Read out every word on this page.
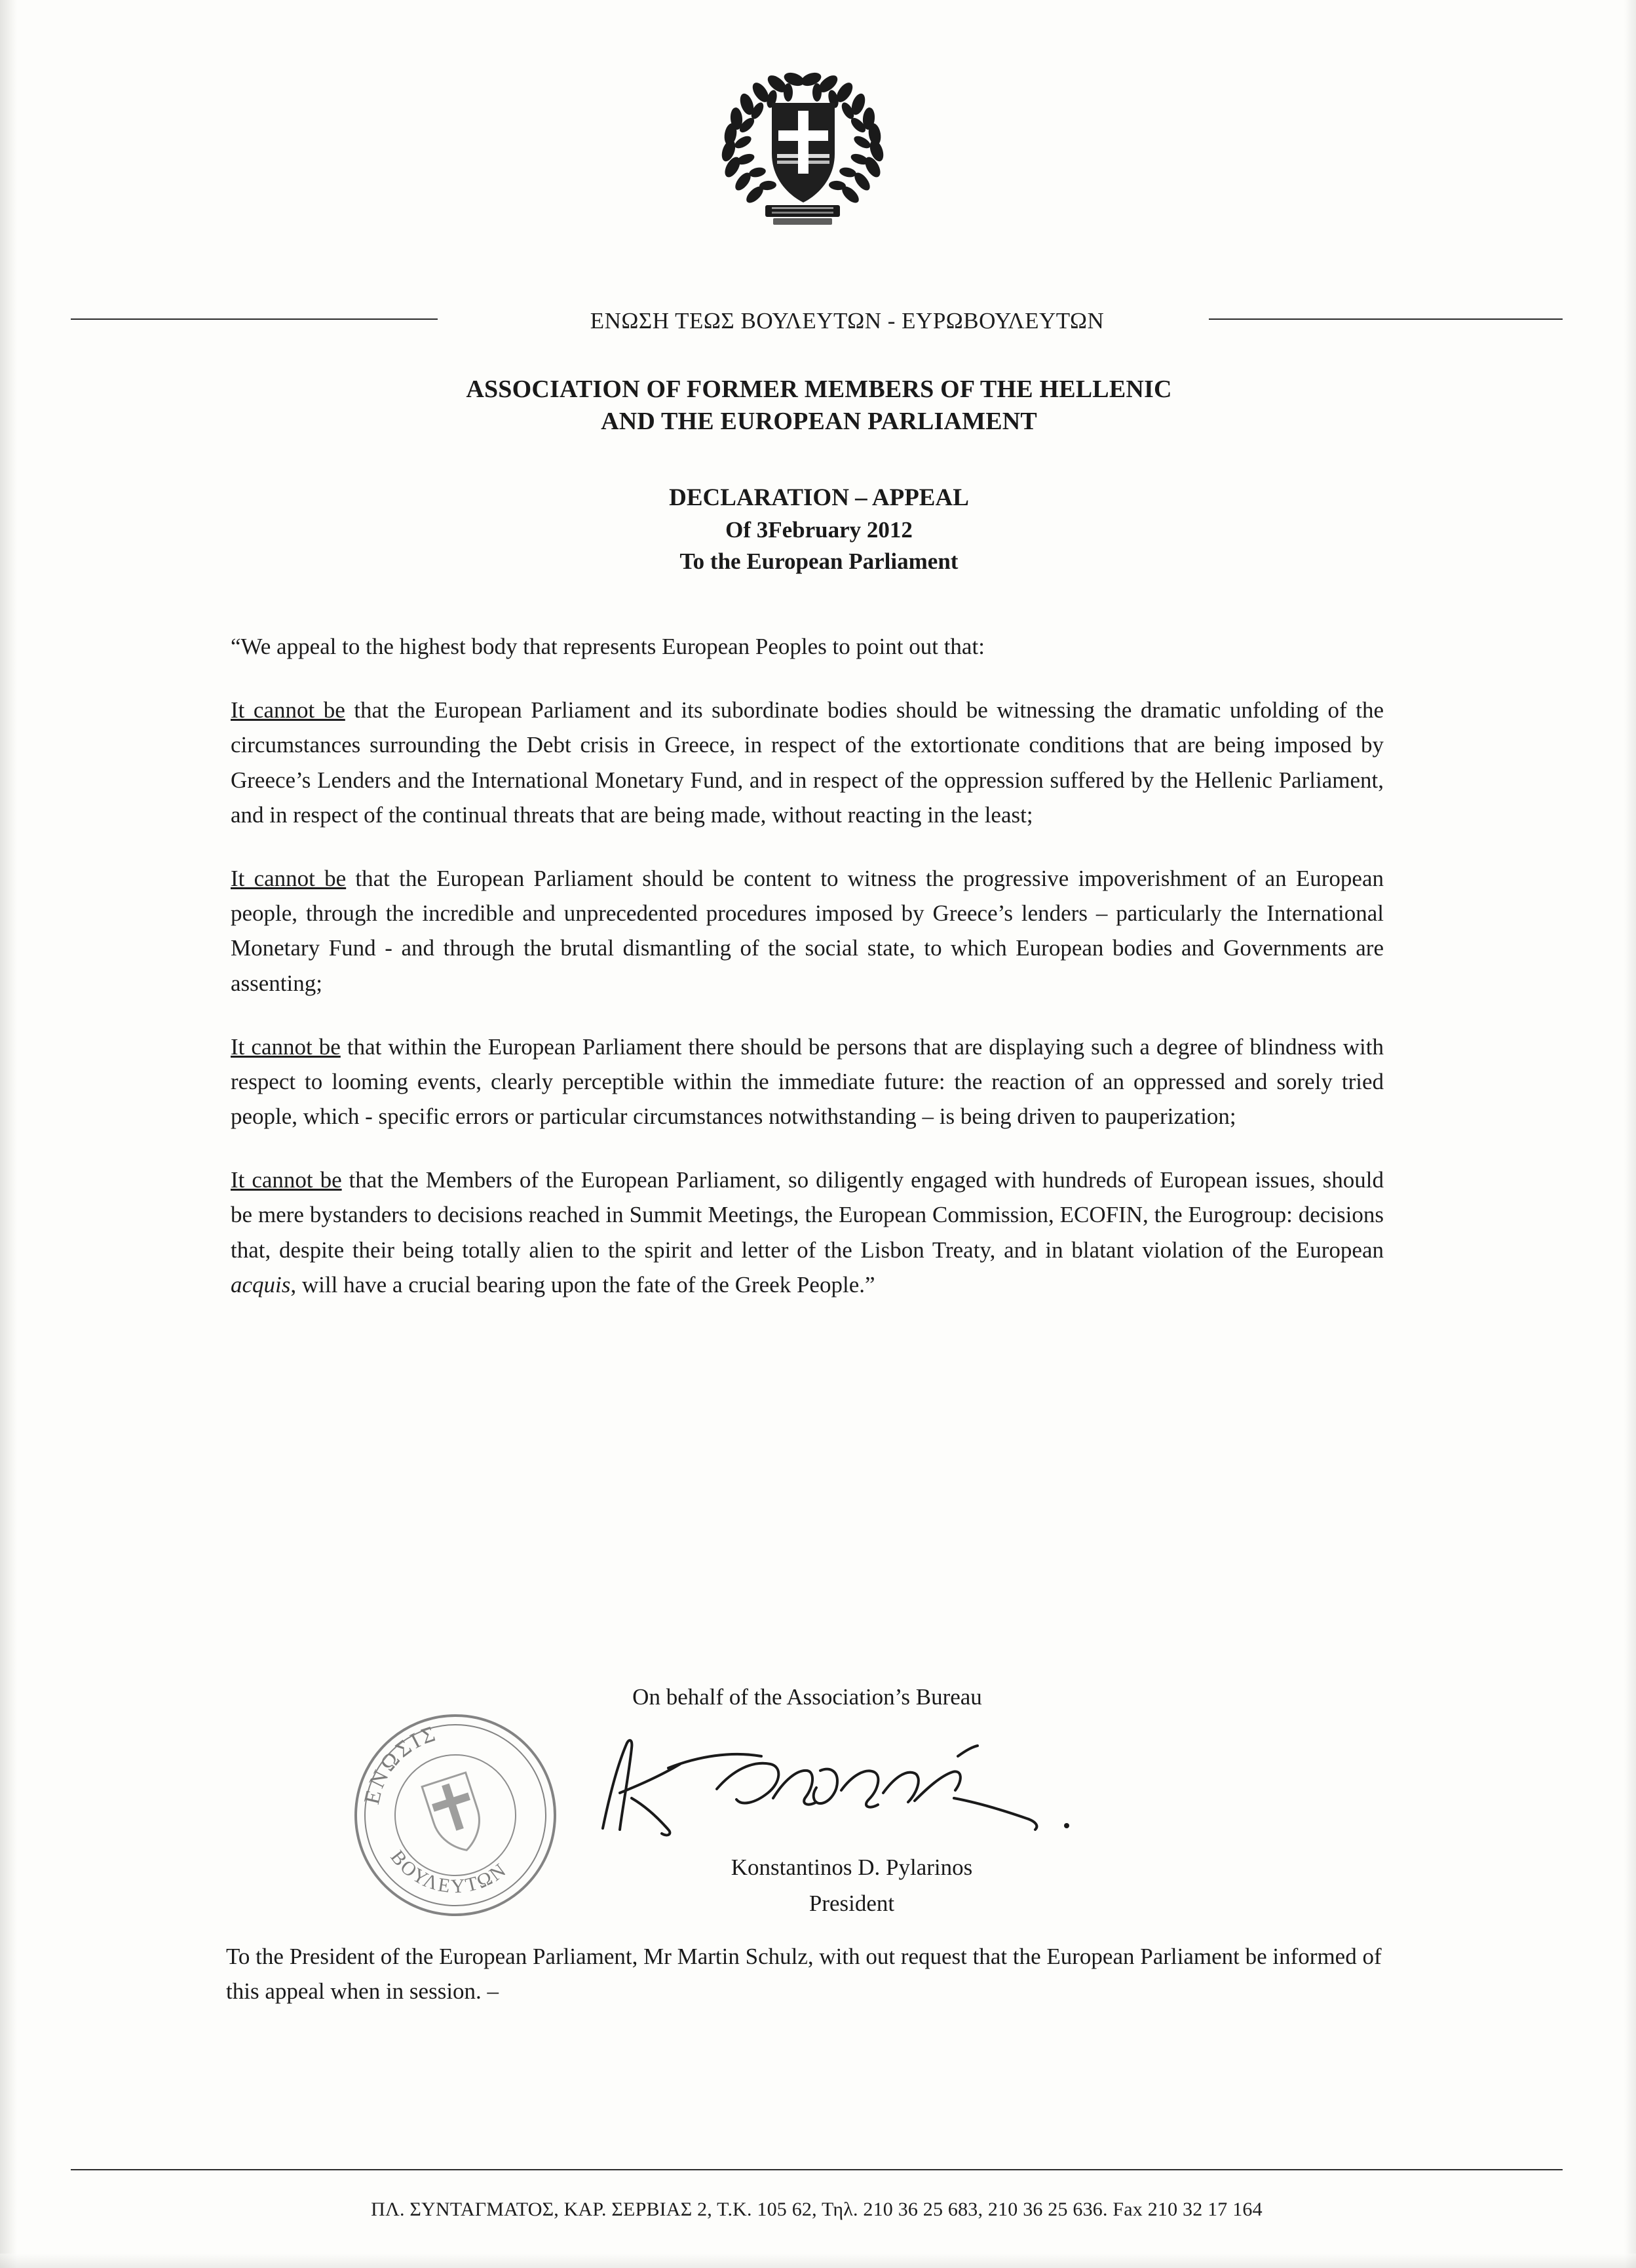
ΕΝΩΣΗ ΤΕΩΣ ΒΟΥΛΕΥΤΩΝ - ΕΥΡΩΒΟΥΛΕΥΤΩΝ
ASSOCIATION OF FORMER MEMBERS OF THE HELLENIC
AND THE EUROPEAN PARLIAMENT
DECLARATION – APPEAL
Of 3February 2012
To the European Parliament

“We appeal to the highest body that represents European Peoples to point out that:

It cannot be that the European Parliament and its subordinate bodies should be witnessing the dramatic unfolding of the circumstances surrounding the Debt crisis in Greece, in respect of the extortionate conditions that are being imposed by Greece’s Lenders and the International Monetary Fund, and in respect of the oppression suffered by the Hellenic Parliament, and in respect of the continual threats that are being made, without reacting in the least;

It cannot be that the European Parliament should be content to witness the progressive impoverishment of an European people, through the incredible and unprecedented procedures imposed by Greece’s lenders – particularly the International Monetary Fund - and through the brutal dismantling of the social state, to which European bodies and Governments are assenting;

It cannot be that within the European Parliament there should be persons that are displaying such a degree of blindness with respect to looming events, clearly perceptible within the immediate future: the reaction of an oppressed and sorely tried people, which - specific errors or particular circumstances notwithstanding – is being driven to pauperization;

It cannot be that the Members of the European Parliament, so diligently engaged with hundreds of European issues, should be mere bystanders to decisions reached in Summit Meetings, the European Commission, ECOFIN, the Eurogroup: decisions that, despite their being totally alien to the spirit and letter of the Lisbon Treaty, and in blatant violation of the European acquis, will have a crucial bearing upon the fate of the Greek People.”

On behalf of the Association’s Bureau
ΕΝΩΣΙΣ
ΒΟΥΛΕΥΤΩΝ	Konstantinos D. Pylarinos
President
To the President of the European Parliament, Mr Martin Schulz, with out request that the European Parliament be informed of this appeal when in session. –
ΠΛ. ΣΥΝΤΑΓΜΑΤΟΣ, ΚΑΡ. ΣΕΡΒΙΑΣ 2, Τ.Κ. 105 62, Τηλ. 210 36 25 683, 210 36 25 636. Fax 210 32 17 164
